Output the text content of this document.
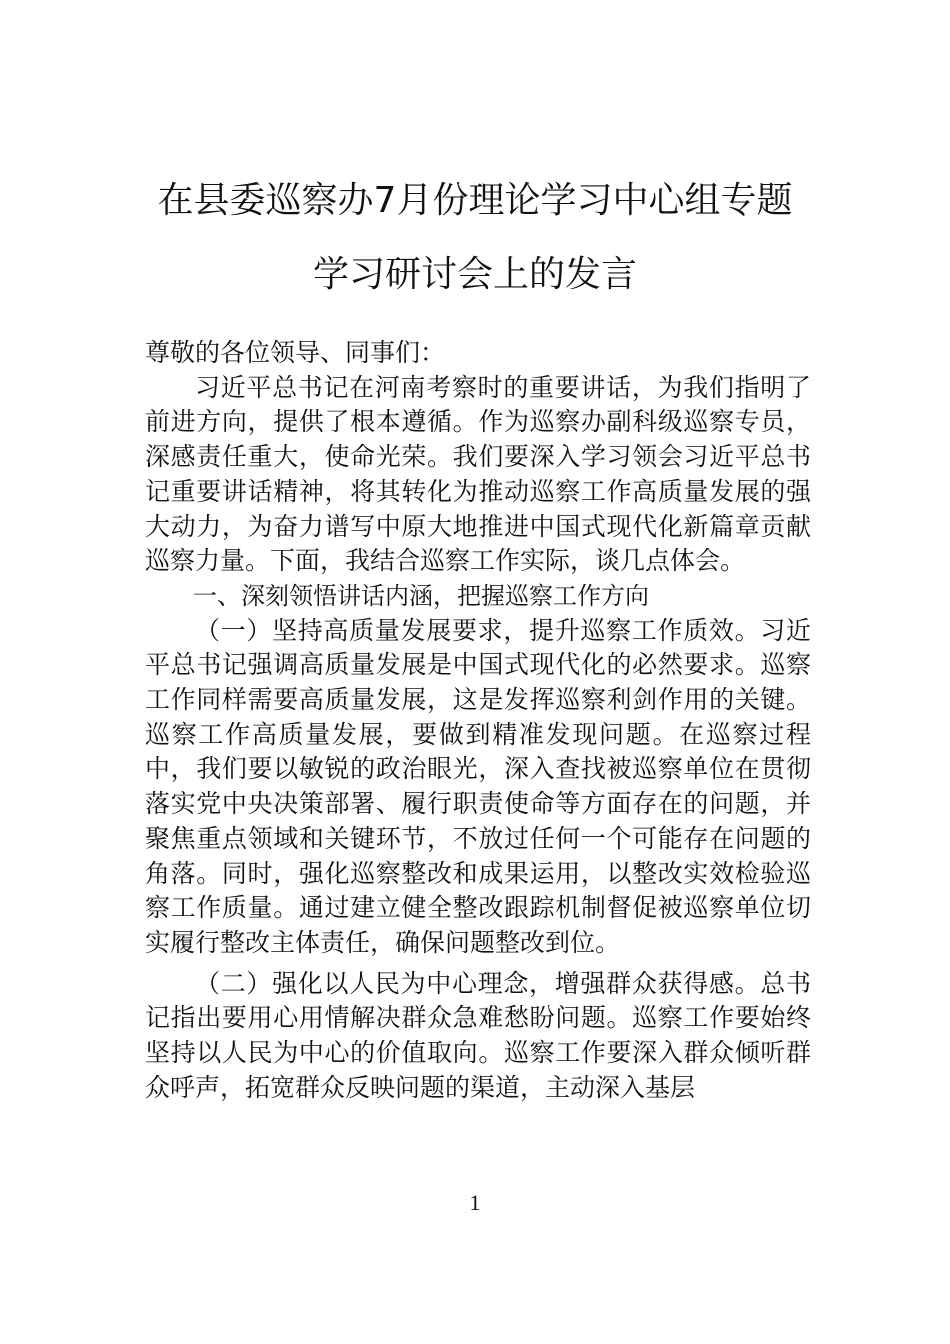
在县委巡察办7月份理论学习中心组专题
学习研讨会上的发言

尊敬的各位领导、同事们：

习近平总书记在河南考察时的重要讲话，为我们指明了前进方向，提供了根本遵循。作为巡察办副科级巡察专员，深感责任重大，使命光荣。我们要深入学习领会习近平总书记重要讲话精神，将其转化为推动巡察工作高质量发展的强大动力，为奋力谱写中原大地推进中国式现代化新篇章贡献巡察力量。下面，我结合巡察工作实际，谈几点体会。

一、深刻领悟讲话内涵，把握巡察工作方向

（一）坚持高质量发展要求，提升巡察工作质效。习近平总书记强调高质量发展是中国式现代化的必然要求。巡察工作同样需要高质量发展，这是发挥巡察利剑作用的关键。巡察工作高质量发展，要做到精准发现问题。在巡察过程中，我们要以敏锐的政治眼光，深入查找被巡察单位在贯彻落实党中央决策部署、履行职责使命等方面存在的问题，并聚焦重点领域和关键环节，不放过任何一个可能存在问题的角落。同时，强化巡察整改和成果运用，以整改实效检验巡察工作质量。通过建立健全整改跟踪机制督促被巡察单位切实履行整改主体责任，确保问题整改到位。

（二）强化以人民为中心理念，增强群众获得感。总书记指出要用心用情解决群众急难愁盼问题。巡察工作要始终坚持以人民为中心的价值取向。巡察工作要深入群众倾听群众呼声，拓宽群众反映问题的渠道，主动深入基层

1
